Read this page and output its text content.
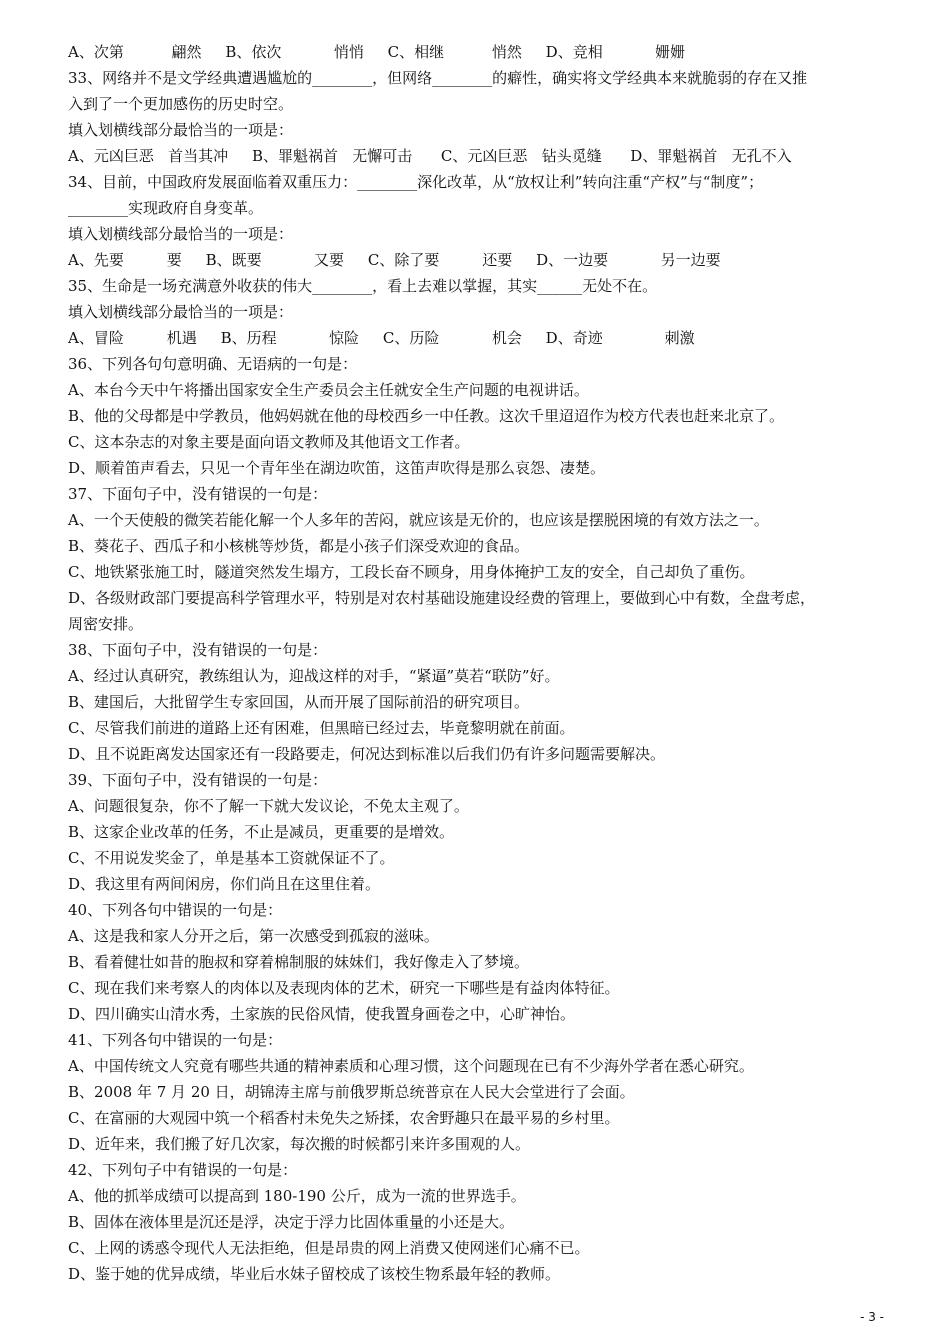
A、次第          翩然     B、依次           悄悄     C、相继          悄然     D、竞相           姗姗
33、网络并不是文学经典遭遇尴尬的________，但网络________的癖性，确实将文学经典本来就脆弱的存在又推
入到了一个更加感伤的历史时空。
填入划横线部分最恰当的一项是：
A、元凶巨恶   首当其冲     B、罪魁祸首   无懈可击      C、元凶巨恶   钻头觅缝      D、罪魁祸首   无孔不入
34、目前，中国政府发展面临着双重压力：________深化改革，从“放权让利”转向注重“产权”与“制度”；
________实现政府自身变革。
填入划横线部分最恰当的一项是：
A、先要         要     B、既要           又要     C、除了要         还要     D、一边要           另一边要
35、生命是一场充满意外收获的伟大________，看上去难以掌握，其实______无处不在。
填入划横线部分最恰当的一项是：
A、冒险         机遇     B、历程           惊险     C、历险           机会     D、奇迹             刺激
36、下列各句句意明确、无语病的一句是：
A、本台今天中午将播出国家安全生产委员会主任就安全生产问题的电视讲话。
B、他的父母都是中学教员，他妈妈就在他的母校西乡一中任教。这次千里迢迢作为校方代表也赶来北京了。
C、这本杂志的对象主要是面向语文教师及其他语文工作者。
D、顺着笛声看去，只见一个青年坐在湖边吹笛，这笛声吹得是那么哀怨、凄楚。
37、下面句子中，没有错误的一句是：
A、一个天使般的微笑若能化解一个人多年的苦闷，就应该是无价的，也应该是摆脱困境的有效方法之一。
B、葵花子、西瓜子和小核桃等炒货，都是小孩子们深受欢迎的食品。
C、地铁紧张施工时，隧道突然发生塌方，工段长奋不顾身，用身体掩护工友的安全，自己却负了重伤。
D、各级财政部门要提高科学管理水平，特别是对农村基础设施建设经费的管理上，要做到心中有数，全盘考虑，
周密安排。
38、下面句子中，没有错误的一句是：
A、经过认真研究，教练组认为，迎战这样的对手，“紧逼”莫若“联防”好。
B、建国后，大批留学生专家回国，从而开展了国际前沿的研究项目。
C、尽管我们前进的道路上还有困难，但黑暗已经过去，毕竟黎明就在前面。
D、且不说距离发达国家还有一段路要走，何况达到标准以后我们仍有许多问题需要解决。
39、下面句子中，没有错误的一句是：
A、问题很复杂，你不了解一下就大发议论，不免太主观了。
B、这家企业改革的任务，不止是减员，更重要的是增效。
C、不用说发奖金了，单是基本工资就保证不了。
D、我这里有两间闲房，你们尚且在这里住着。
40、下列各句中错误的一句是：
A、这是我和家人分开之后，第一次感受到孤寂的滋味。
B、看着健壮如昔的胞叔和穿着棉制服的妹妹们，我好像走入了梦境。
C、现在我们来考察人的肉体以及表现肉体的艺术，研究一下哪些是有益肉体特征。
D、四川确实山清水秀，土家族的民俗风情，使我置身画卷之中，心旷神怡。
41、下列各句中错误的一句是：
A、中国传统文人究竟有哪些共通的精神素质和心理习惯，这个问题现在已有不少海外学者在悉心研究。
B、2008 年 7 月 20 日，胡锦涛主席与前俄罗斯总统普京在人民大会堂进行了会面。
C、在富丽的大观园中筑一个稻香村未免失之矫揉，农舍野趣只在最平易的乡村里。
D、近年来，我们搬了好几次家，每次搬的时候都引来许多围观的人。
42、下列句子中有错误的一句是：
A、他的抓举成绩可以提高到 180-190 公斤，成为一流的世界选手。
B、固体在液体里是沉还是浮，决定于浮力比固体重量的小还是大。
C、上网的诱惑令现代人无法拒绝，但是昂贵的网上消费又使网迷们心痛不已。
D、鉴于她的优异成绩，毕业后水妹子留校成了该校生物系最年轻的教师。
- 3 -
